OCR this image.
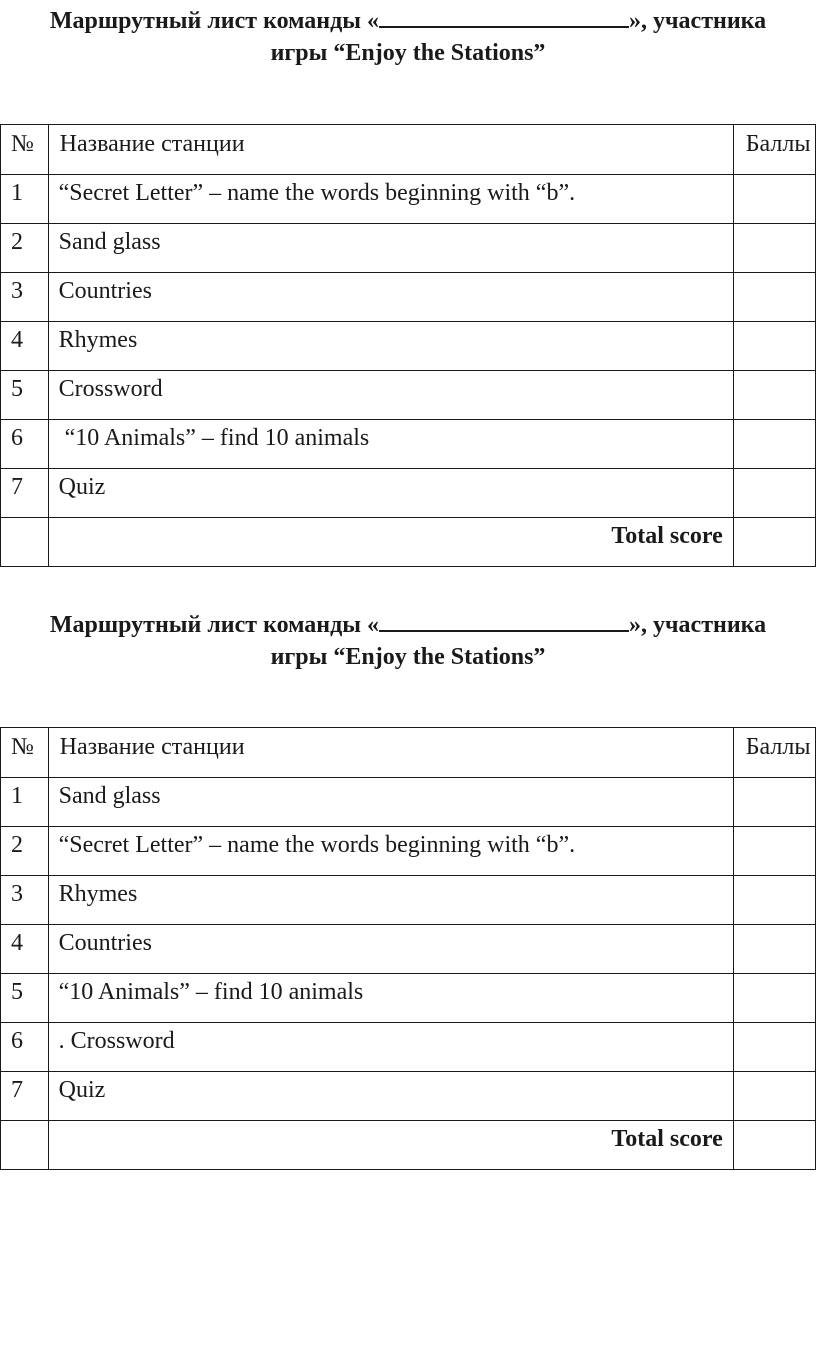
Маршрутный лист команды «	», участника
игры “Enjoy the Stations”
№	Название станции	Баллы
1	“Secret Letter” – name the words beginning with “b”.	
2	Sand glass	
3	Countries	
4	Rhymes	
5	Crossword	
6	“10 Animals” – find 10 animals	
7	Quiz	
	Total score	
Маршрутный лист команды «	», участника
игры “Enjoy the Stations”
№	Название станции	Баллы
1	Sand glass	
2	“Secret Letter” – name the words beginning with “b”.	
3	Rhymes	
4	Countries	
5	“10 Animals” – find 10 animals	
6	. Crossword	
7	Quiz	
	Total score	
